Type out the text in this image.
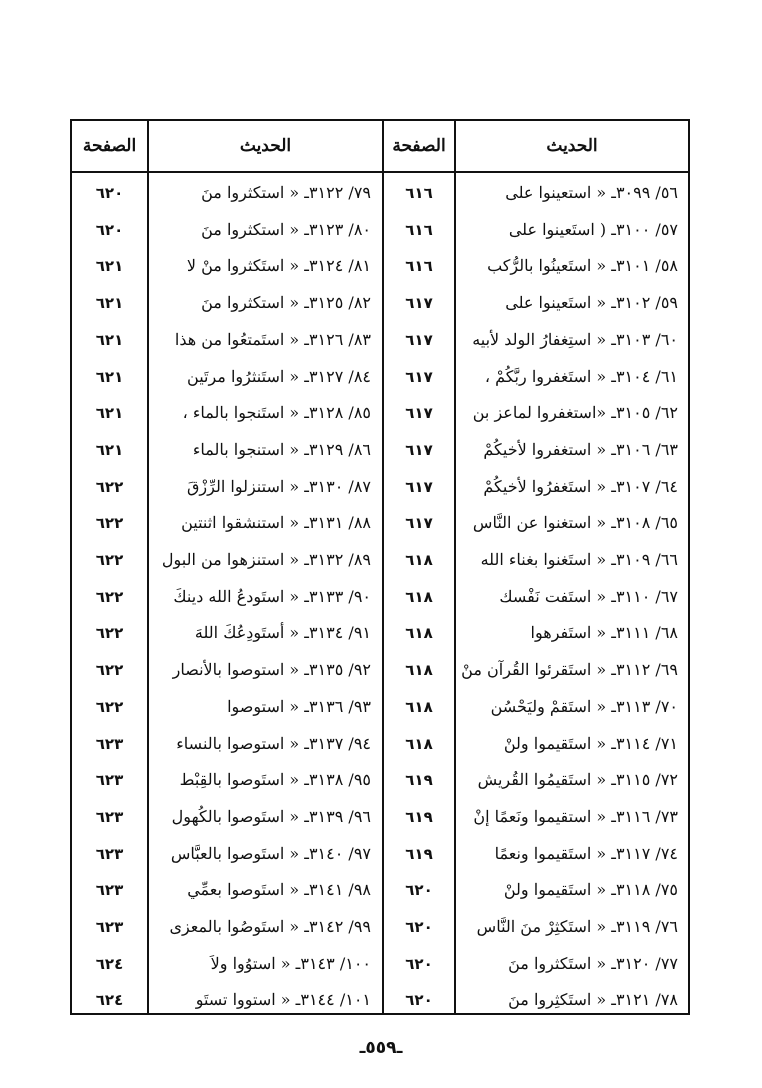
الحديث
الصفحة
الحديث
الصفحة
٥٦/ ٣٠٩٩ـ « استعينوا على
٦١٦
٧٩/ ٣١٢٢ـ « استكثروا منَ
٦٢٠
٥٧/ ٣١٠٠ـ ( استَعينوا على
٦١٦
٨٠/ ٣١٢٣ـ « استكثروا منَ
٦٢٠
٥٨/ ٣١٠١ـ « استَعينُوا بالرُّكب
٦١٦
٨١/ ٣١٢٤ـ « استَكثروا منْ لا
٦٢١
٥٩/ ٣١٠٢ـ « استَعينوا على
٦١٧
٨٢/ ٣١٢٥ـ « استكثروا منَ
٦٢١
٦٠/ ٣١٠٣ـ « استِغفارُ الولد لأبيه
٦١٧
٨٣/ ٣١٢٦ـ « استَمتعُوا من هذا
٦٢١
٦١/ ٣١٠٤ـ « استَغفروا ربَّكُمْ ،
٦١٧
٨٤/ ٣١٢٧ـ « استَنثرُوا مرتَين
٦٢١
٦٢/ ٣١٠٥ـ «استغفروا لماعز بن
٦١٧
٨٥/ ٣١٢٨ـ « استَنجوا بالماء ،
٦٢١
٦٣/ ٣١٠٦ـ « استغفروا لأخيكُمْ
٦١٧
٨٦/ ٣١٢٩ـ « استنجوا بالماء
٦٢١
٦٤/ ٣١٠٧ـ « استَغفرُوا لأخيكُمْ
٦١٧
٨٧/ ٣١٣٠ـ « استنزلوا الرِّزْقَ
٦٢٢
٦٥/ ٣١٠٨ـ « استغنوا عن النَّاس
٦١٧
٨٨/ ٣١٣١ـ « استنشقوا اثنتين
٦٢٢
٦٦/ ٣١٠٩ـ « استَغنوا بغناء الله
٦١٨
٨٩/ ٣١٣٢ـ « استنزهوا من البول
٦٢٢
٦٧/ ٣١١٠ـ « استَفت نَفْسك
٦١٨
٩٠/ ٣١٣٣ـ « استَودعُ الله دينكَ
٦٢٢
٦٨/ ٣١١١ـ « استَفرهوا
٦١٨
٩١/ ٣١٣٤ـ « أستَودِعُكَ اللهَ
٦٢٢
٦٩/ ٣١١٢ـ « استَقرئوا القُرآن منْ
٦١٨
٩٢/ ٣١٣٥ـ « استوصوا بالأنصار
٦٢٢
٧٠/ ٣١١٣ـ « استَقمْ وليَحْسُن
٦١٨
٩٣/ ٣١٣٦ـ « استوصوا
٦٢٢
٧١/ ٣١١٤ـ « استَقيموا ولنْ
٦١٨
٩٤/ ٣١٣٧ـ « استوصوا بالنساء
٦٢٣
٧٢/ ٣١١٥ـ « استَقيمُوا القُريش
٦١٩
٩٥/ ٣١٣٨ـ « استَوصوا بالقِبْط
٦٢٣
٧٣/ ٣١١٦ـ « استقيموا ونَعمًا إنْ
٦١٩
٩٦/ ٣١٣٩ـ « استَوصوا بالكُهول
٦٢٣
٧٤/ ٣١١٧ـ « استَقيموا ونعمًا
٦١٩
٩٧/ ٣١٤٠ـ « استَوصوا بالعبَّاس
٦٢٣
٧٥/ ٣١١٨ـ « استَقيموا ولنْ
٦٢٠
٩٨/ ٣١٤١ـ « استَوصوا بعمِّي
٦٢٣
٧٦/ ٣١١٩ـ « استَكثِرْ منَ النَّاس
٦٢٠
٩٩/ ٣١٤٢ـ « استَوصُوا بالمعزى
٦٢٣
٧٧/ ٣١٢٠ـ « استَكثروا منَ
٦٢٠
١٠٠/ ٣١٤٣ـ « استوُوا ولاَ
٦٢٤
٧٨/ ٣١٢١ـ « استَكثِروا منَ
٦٢٠
١٠١/ ٣١٤٤ـ « استووا تستَو
٦٢٤
ـ٥٥٩ـ
